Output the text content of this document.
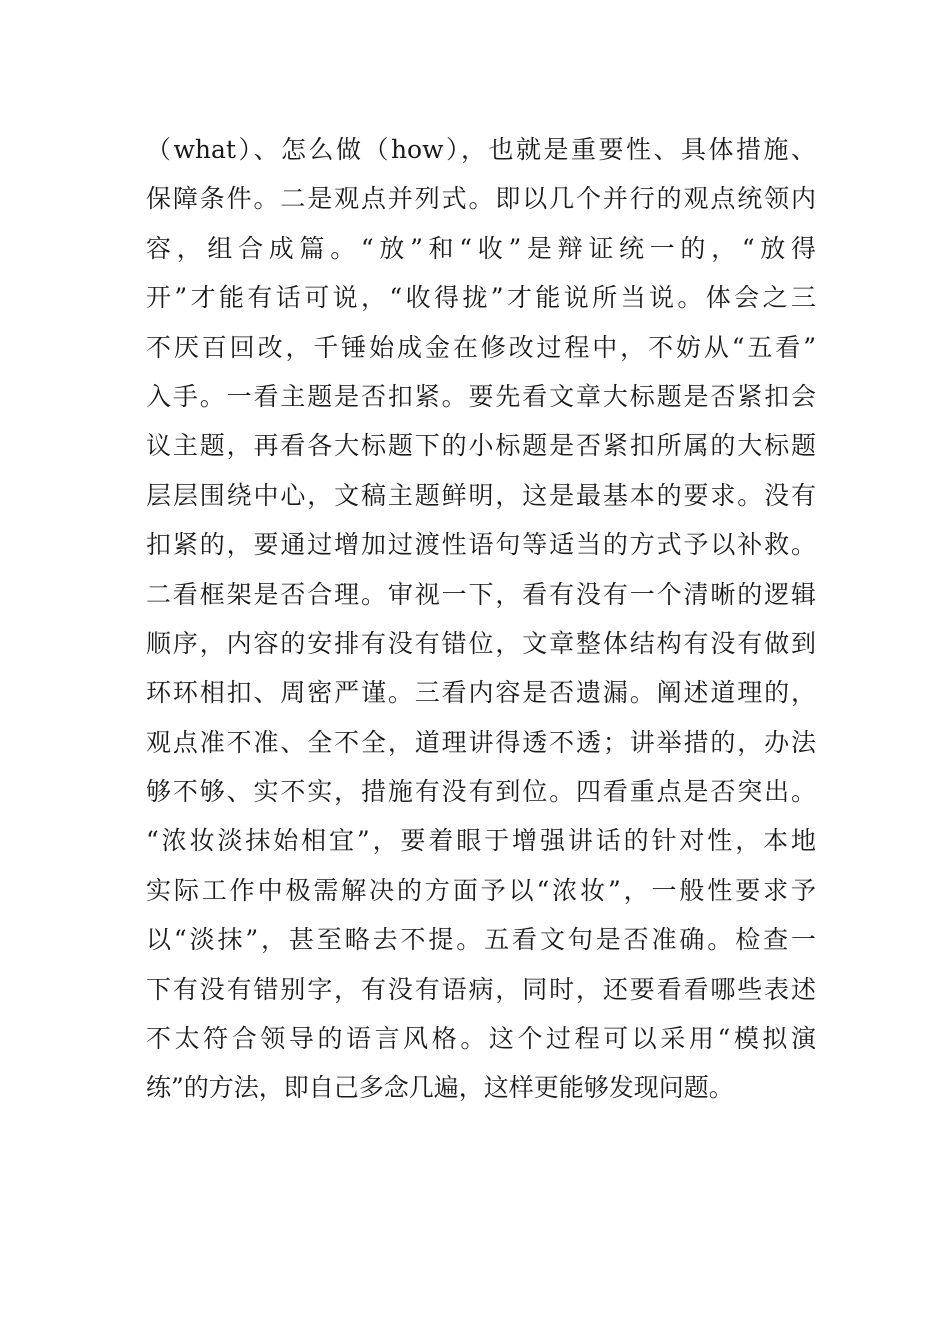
（what）、怎么做（how），也就是重要性、具体措施、
保障条件。二是观点并列式。即以几个并行的观点统领内
容，组合成篇。“放”和“收”是辩证统一的，“放得
开”才能有话可说，“收得拢”才能说所当说。体会之三
不厌百回改，千锤始成金在修改过程中，不妨从“五看”
入手。一看主题是否扣紧。要先看文章大标题是否紧扣会
议主题，再看各大标题下的小标题是否紧扣所属的大标题
层层围绕中心，文稿主题鲜明，这是最基本的要求。没有
扣紧的，要通过增加过渡性语句等适当的方式予以补救。
二看框架是否合理。审视一下，看有没有一个清晰的逻辑
顺序，内容的安排有没有错位，文章整体结构有没有做到
环环相扣、周密严谨。三看内容是否遗漏。阐述道理的，
观点准不准、全不全，道理讲得透不透；讲举措的，办法
够不够、实不实，措施有没有到位。四看重点是否突出。
“浓妆淡抹始相宜”，要着眼于增强讲话的针对性，本地
实际工作中极需解决的方面予以“浓妆”，一般性要求予
以“淡抹”，甚至略去不提。五看文句是否准确。检查一
下有没有错别字，有没有语病，同时，还要看看哪些表述
不太符合领导的语言风格。这个过程可以采用“模拟演
练”的方法，即自己多念几遍，这样更能够发现问题。
